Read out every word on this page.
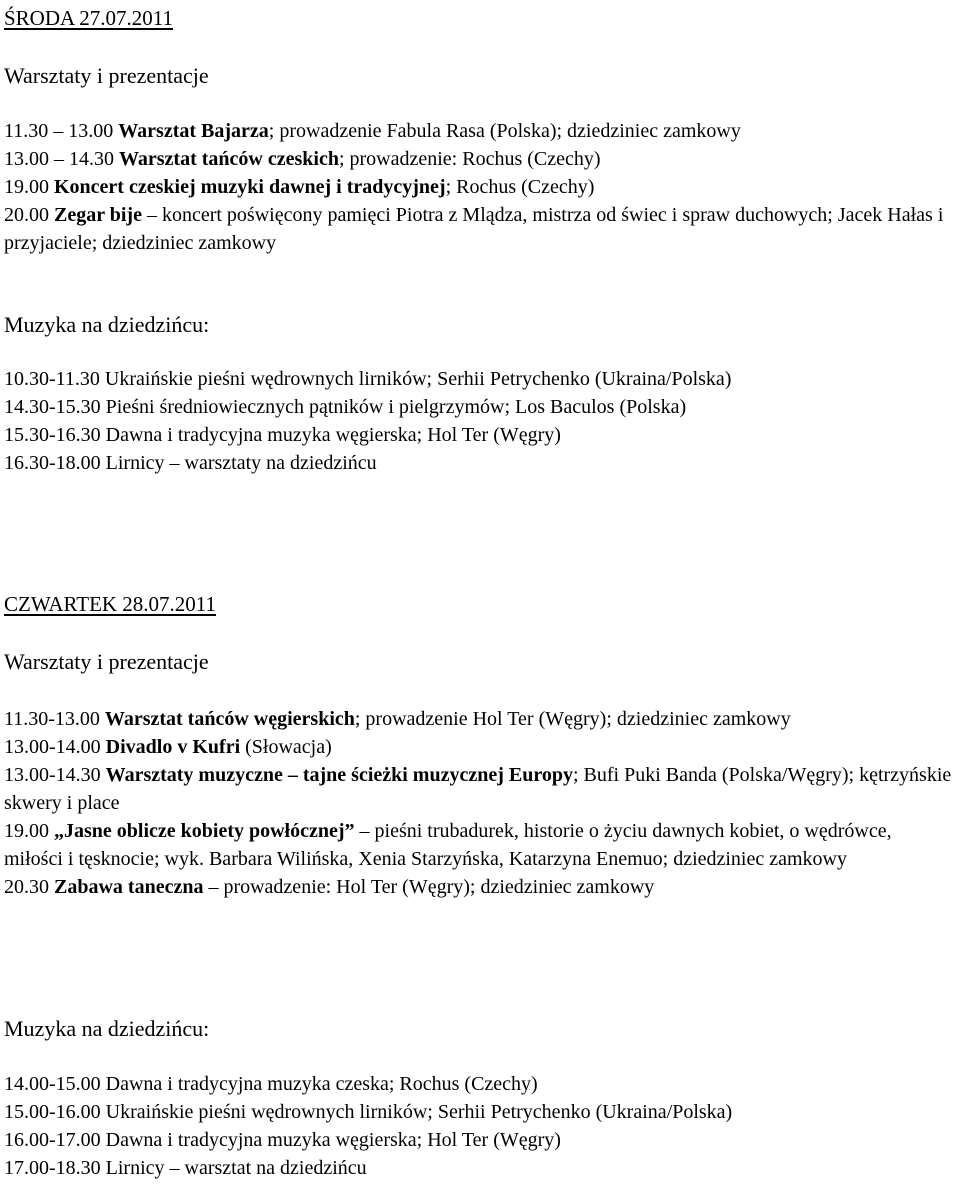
ŚRODA 27.07.2011
Warsztaty i prezentacje
11.30 – 13.00 Warsztat Bajarza; prowadzenie Fabula Rasa (Polska); dziedziniec zamkowy
13.00 – 14.30 Warsztat tańców czeskich; prowadzenie: Rochus (Czechy)
19.00 Koncert czeskiej muzyki dawnej i tradycyjnej; Rochus (Czechy)
20.00 Zegar bije – koncert poświęcony pamięci Piotra z Mlądza, mistrza od świec i spraw duchowych; Jacek Hałas i przyjaciele; dziedziniec zamkowy
Muzyka na dziedzińcu:
10.30-11.30 Ukraińskie pieśni wędrownych lirników; Serhii Petrychenko (Ukraina/Polska)
14.30-15.30 Pieśni średniowiecznych pątników i pielgrzymów; Los Baculos (Polska)
15.30-16.30 Dawna i tradycyjna muzyka węgierska; Hol Ter (Węgry)
16.30-18.00 Lirnicy – warsztaty na dziedzińcu
CZWARTEK 28.07.2011
Warsztaty i prezentacje
11.30-13.00 Warsztat tańców węgierskich; prowadzenie Hol Ter (Węgry); dziedziniec zamkowy
13.00-14.00 Divadlo v Kufri (Słowacja)
13.00-14.30 Warsztaty muzyczne – tajne ścieżki muzycznej Europy; Bufi Puki Banda (Polska/Węgry); kętrzyńskie skwery i place
19.00 „Jasne oblicze kobiety powłócznej” – pieśni trubadurek, historie o życiu dawnych kobiet, o wędrówce, miłości i tęsknocie; wyk. Barbara Wilińska, Xenia Starzyńska, Katarzyna Enemuo; dziedziniec zamkowy
20.30 Zabawa taneczna – prowadzenie: Hol Ter (Węgry); dziedziniec zamkowy
Muzyka na dziedzińcu:
14.00-15.00 Dawna i tradycyjna muzyka czeska; Rochus (Czechy)
15.00-16.00 Ukraińskie pieśni wędrownych lirników; Serhii Petrychenko (Ukraina/Polska)
16.00-17.00 Dawna i tradycyjna muzyka węgierska; Hol Ter (Węgry)
17.00-18.30 Lirnicy – warsztat na dziedzińcu
